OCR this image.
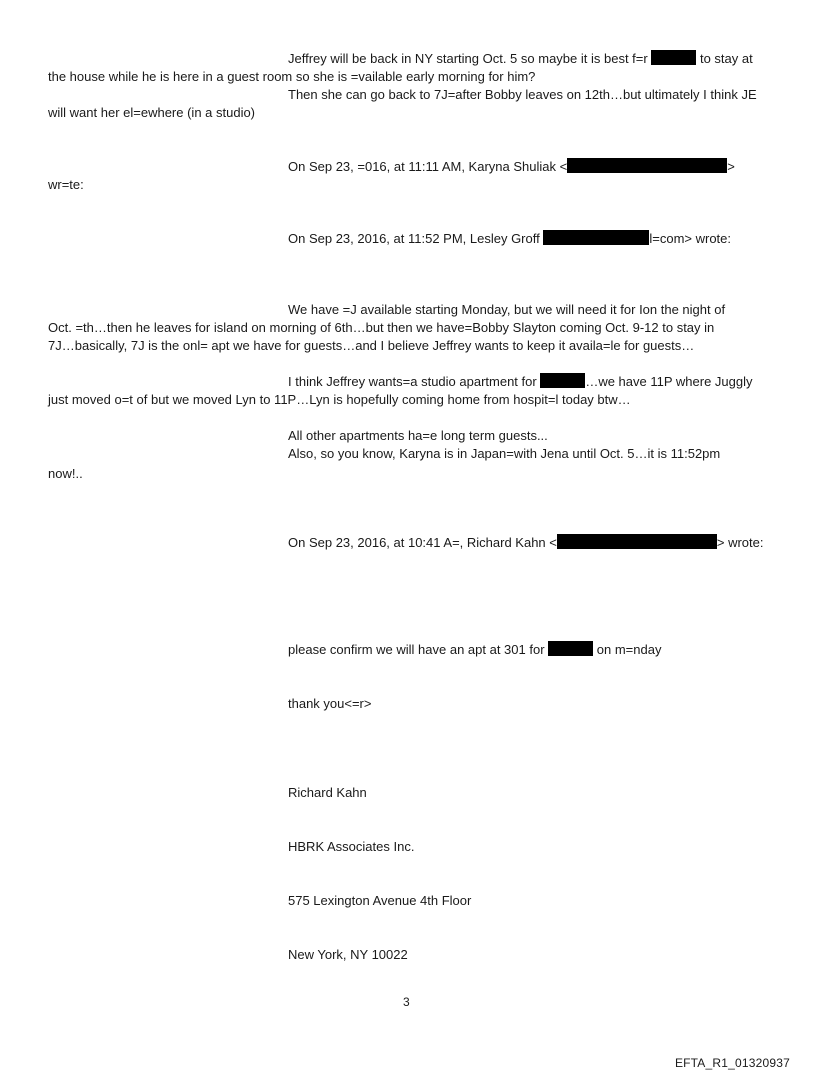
Jeffrey will be back in NY starting Oct. 5 so maybe it is best f=r	to stay at
the house while he is here in a guest room so she is =vailable early morning for him?
Then she can go back to 7J=after Bobby leaves on 12th…but ultimately I think JE
will want her el=ewhere (in a studio)
On Sep 23, =016, at 11:11 AM, Karyna Shuliak <	>
wr=te:
On Sep 23, 2016, at 11:52 PM, Lesley Groff	l=com> wrote:
We have =J available starting Monday, but we will need it for Ion the night of
Oct. =th…then he leaves for island on morning of 6th…but then we have=Bobby Slayton coming Oct. 9-12 to stay in
7J…basically, 7J is the onl= apt we have for guests…and I believe Jeffrey wants to keep it availa=le for guests…
I think Jeffrey wants=a studio apartment for	…we have 11P where Juggly
just moved o=t of but we moved Lyn to 11P…Lyn is hopefully coming home from hospit=l today btw…
All other apartments ha=e long term guests...
Also, so you know, Karyna is in Japan=with Jena until Oct. 5…it is 11:52pm
now!..
On Sep 23, 2016, at 10:41 A=, Richard Kahn <	> wrote:
please confirm we will have an apt at 301 for	on m=nday
thank you<=r>
Richard Kahn
HBRK Associates Inc.
575 Lexington Avenue 4th Floor
New York, NY 10022
3
EFTA_R1_01320937
